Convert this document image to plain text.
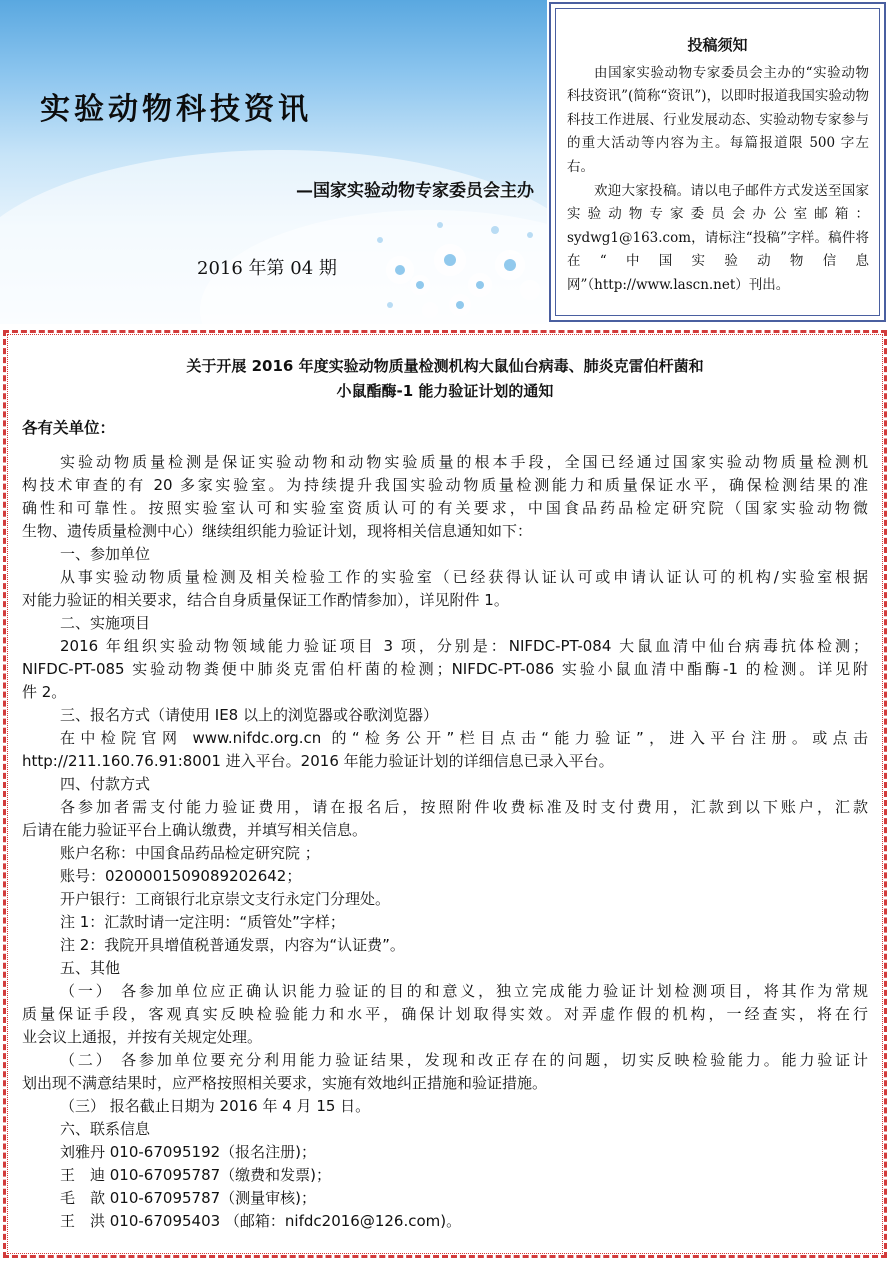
实验动物科技资讯
—国家实验动物专家委员会主办
2016 年第 04 期
投稿须知

由国家实验动物专家委员会主办的“实验动物科技资讯”(简称“资讯”)，以即时报道我国实验动物科技工作进展、行业发展动态、实验动物专家参与的重大活动等内容为主。每篇报道限 500 字左右。

欢迎大家投稿。请以电子邮件方式发送至国家实验动物专家委员会办公室邮箱：sydwg1@163.com，请标注“投稿”字样。稿件将在“中国实验动物信息网”（http://www.lascn.net）刊出。

关于开展 2016 年度实验动物质量检测机构大鼠仙台病毒、肺炎克雷伯杆菌和
小鼠酯酶-1 能力验证计划的通知
各有关单位：
实验动物质量检测是保证实验动物和动物实验质量的根本手段，全国已经通过国家实验动物质量检测机
构技术审查的有 20 多家实验室。为持续提升我国实验动物质量检测能力和质量保证水平，确保检测结果的准
确性和可靠性。按照实验室认可和实验室资质认可的有关要求，中国食品药品检定研究院（国家实验动物微
生物、遗传质量检测中心）继续组织能力验证计划，现将相关信息通知如下：
一、参加单位
从事实验动物质量检测及相关检验工作的实验室（已经获得认证认可或申请认证认可的机构/实验室根据
对能力验证的相关要求，结合自身质量保证工作酌情参加），详见附件 1。
二、实施项目
2016 年组织实验动物领域能力验证项目 3 项，分别是：NIFDC-PT-084 大鼠血清中仙台病毒抗体检测；
NIFDC-PT-085 实验动物粪便中肺炎克雷伯杆菌的检测；NIFDC-PT-086 实验小鼠血清中酯酶-1 的检测。详见附
件 2。
三、报名方式（请使用 IE8 以上的浏览器或谷歌浏览器）
在中检院官网 www.nifdc.org.cn 的“检务公开”栏目点击“能力验证”，进入平台注册。或点击
http://211.160.76.91:8001 进入平台。2016 年能力验证计划的详细信息已录入平台。
四、付款方式
各参加者需支付能力验证费用，请在报名后，按照附件收费标准及时支付费用，汇款到以下账户，汇款
后请在能力验证平台上确认缴费，并填写相关信息。
账户名称：中国食品药品检定研究院 ；
账号：0200001509089202642；
开户银行：工商银行北京崇文支行永定门分理处。
注 1：汇款时请一定注明：“质管处”字样；
注 2：我院开具增值税普通发票，内容为“认证费”。
五、其他
（一） 各参加单位应正确认识能力验证的目的和意义，独立完成能力验证计划检测项目，将其作为常规
质量保证手段，客观真实反映检验能力和水平，确保计划取得实效。对弄虚作假的机构，一经查实，将在行
业会议上通报，并按有关规定处理。
（二） 各参加单位要充分利用能力验证结果，发现和改正存在的问题，切实反映检验能力。能力验证计
划出现不满意结果时，应严格按照相关要求，实施有效地纠正措施和验证措施。
（三） 报名截止日期为 2016 年 4 月 15 日。
六、联系信息
刘雅丹 010-67095192（报名注册)；
王　迪 010-67095787（缴费和发票)；
毛　歆 010-67095787（测量审核)；
王　洪 010-67095403 （邮箱：nifdc2016@126.com)。
